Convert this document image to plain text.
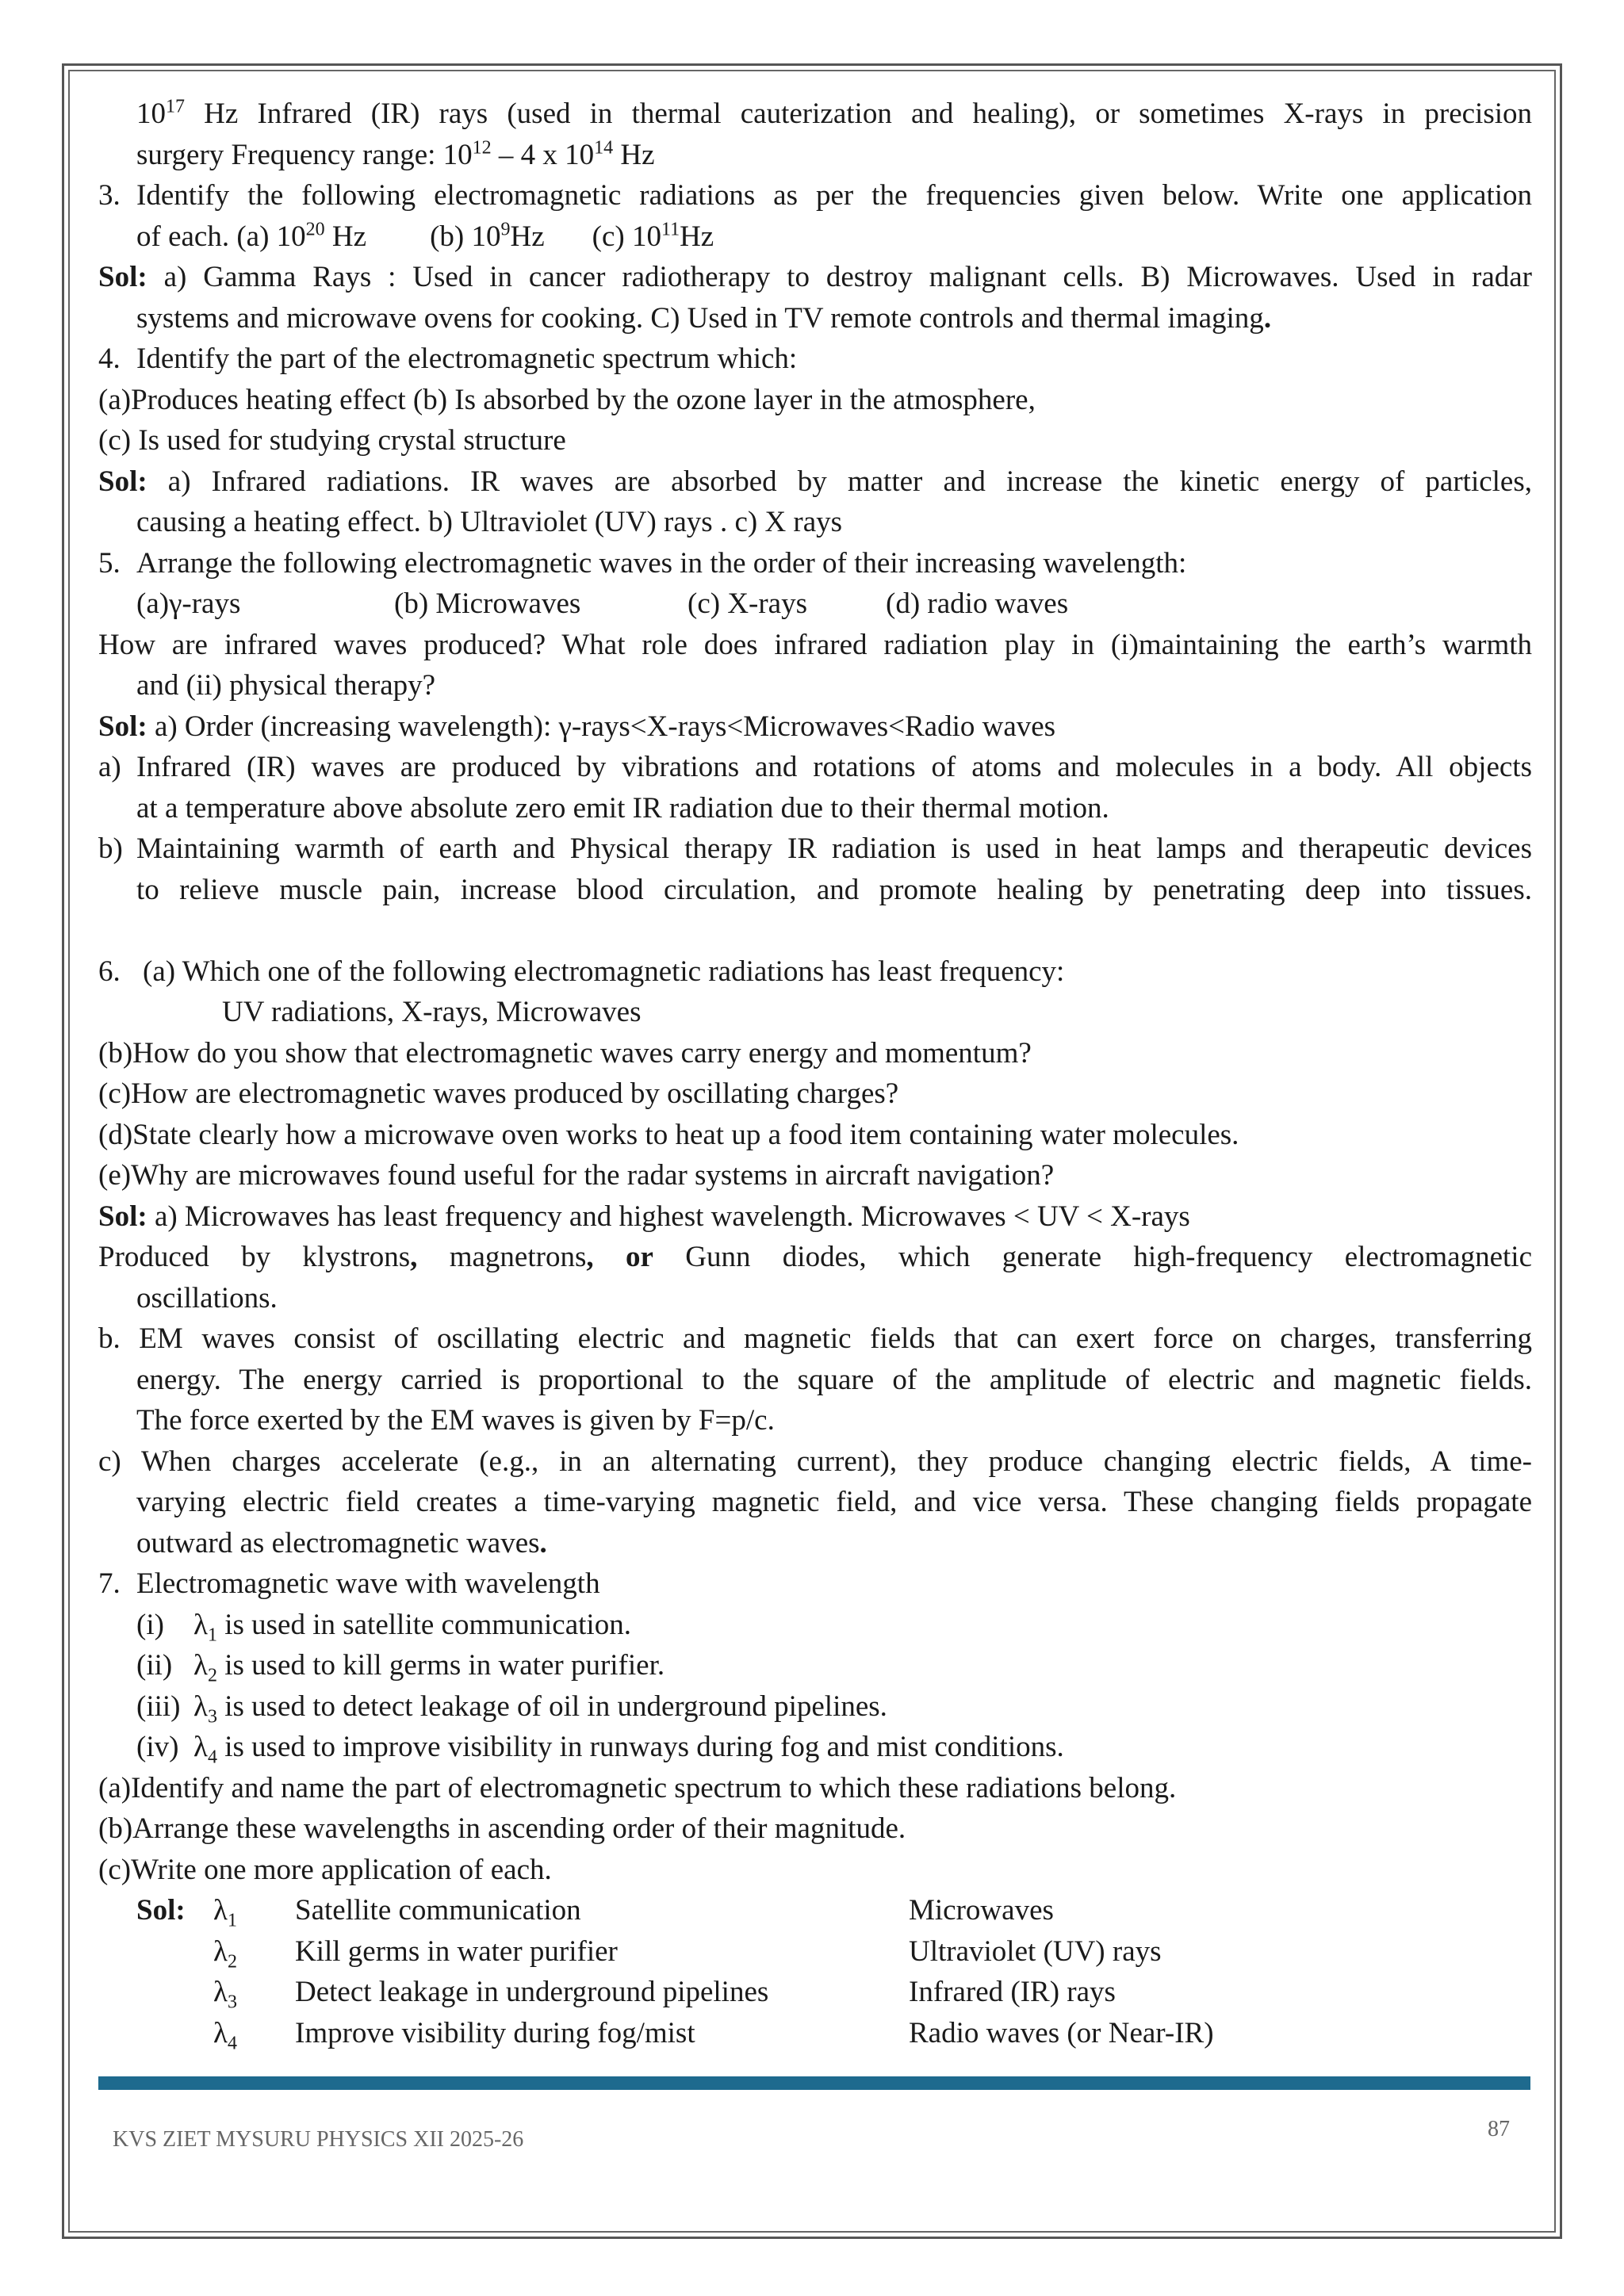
$10^{17}$ Hz Infrared (IR) rays (used in thermal cauterization and healing), or sometimes X-rays in precision
surgery Frequency range: $10^{12} - 4$ x $10^{14}$ Hz
3. Identify the following electromagnetic radiations as per the frequencies given below. Write one application
of each. (a) $10^{20}$ Hz (b) $10^9Hz$ (c) $10^{11}Hz$
Sol: a) Gamma Rays : Used in cancer radiotherapy to destroy malignant cells. B) Microwaves. Used in radar
systems and microwave ovens for cooking. C) Used in TV remote controls and thermal imaging.
4. Identify the part of the electromagnetic spectrum which:
(a)Produces heating effect (b) Is absorbed by the ozone layer in the atmosphere,
(c) Is used for studying crystal structure
Sol: a) Infrared radiations. IR waves are absorbed by matter and increase the kinetic energy of particles,
causing a heating effect. b) Ultraviolet (UV) rays . c) X rays
5. Arrange the following electromagnetic waves in the order of their increasing wavelength:
(a)γ-rays	(b) Microwaves	(c) X-rays	(d) radio waves
How are infrared waves produced? What role does infrared radiation play in (i)maintaining the earth’s warmth
and (ii) physical therapy?
Sol: a) Order (increasing wavelength): γ-rays<X-rays<Microwaves<Radio waves
a) Infrared (IR) waves are produced by vibrations and rotations of atoms and molecules in a body. All objects
at a temperature above absolute zero emit IR radiation due to their thermal motion.
b) Maintaining warmth of earth and Physical therapy IR radiation is used in heat lamps and therapeutic devices
to relieve muscle pain, increase blood circulation, and promote healing by penetrating deep into tissues.
6. (a) Which one of the following electromagnetic radiations has least frequency:
UV radiations, X-rays, Microwaves
(b)How do you show that electromagnetic waves carry energy and momentum?
(c)How are electromagnetic waves produced by oscillating charges?
(d)State clearly how a microwave oven works to heat up a food item containing water molecules.
(e)Why are microwaves found useful for the radar systems in aircraft navigation?
Sol: a) Microwaves has least frequency and highest wavelength. Microwaves < UV < X-rays
Produced by klystrons, magnetrons, or Gunn diodes, which generate high-frequency electromagnetic
oscillations.
b. EM waves consist of oscillating electric and magnetic fields that can exert force on charges, transferring
energy. The energy carried is proportional to the square of the amplitude of electric and magnetic fields.
The force exerted by the EM waves is given by F=p/c.
c) When charges accelerate (e.g., in an alternating current), they produce changing electric fields, A time-
varying electric field creates a time-varying magnetic field, and vice versa. These changing fields propagate
outward as electromagnetic waves.
7. Electromagnetic wave with wavelength
(i) $\lambda_1$ is used in satellite communication.
(ii) $\lambda_2$ is used to kill germs in water purifier.
(iii) $\lambda_3$ is used to detect leakage of oil in underground pipelines.
(iv) $\lambda_4$ is used to improve visibility in runways during fog and mist conditions.
(a)Identify and name the part of electromagnetic spectrum to which these radiations belong.
(b)Arrange these wavelengths in ascending order of their magnitude.
(c)Write one more application of each.
Sol: $\lambda_1$ Satellite communication	Microwaves
$\lambda_2$ Kill germs in water purifier	Ultraviolet (UV) rays
$\lambda_3$ Detect leakage in underground pipelines	Infrared (IR) rays
$\lambda_4$ Improve visibility during fog/mist	Radio waves (or Near-IR)
KVS ZIET MYSURU PHYSICS XII 2025-26	87
